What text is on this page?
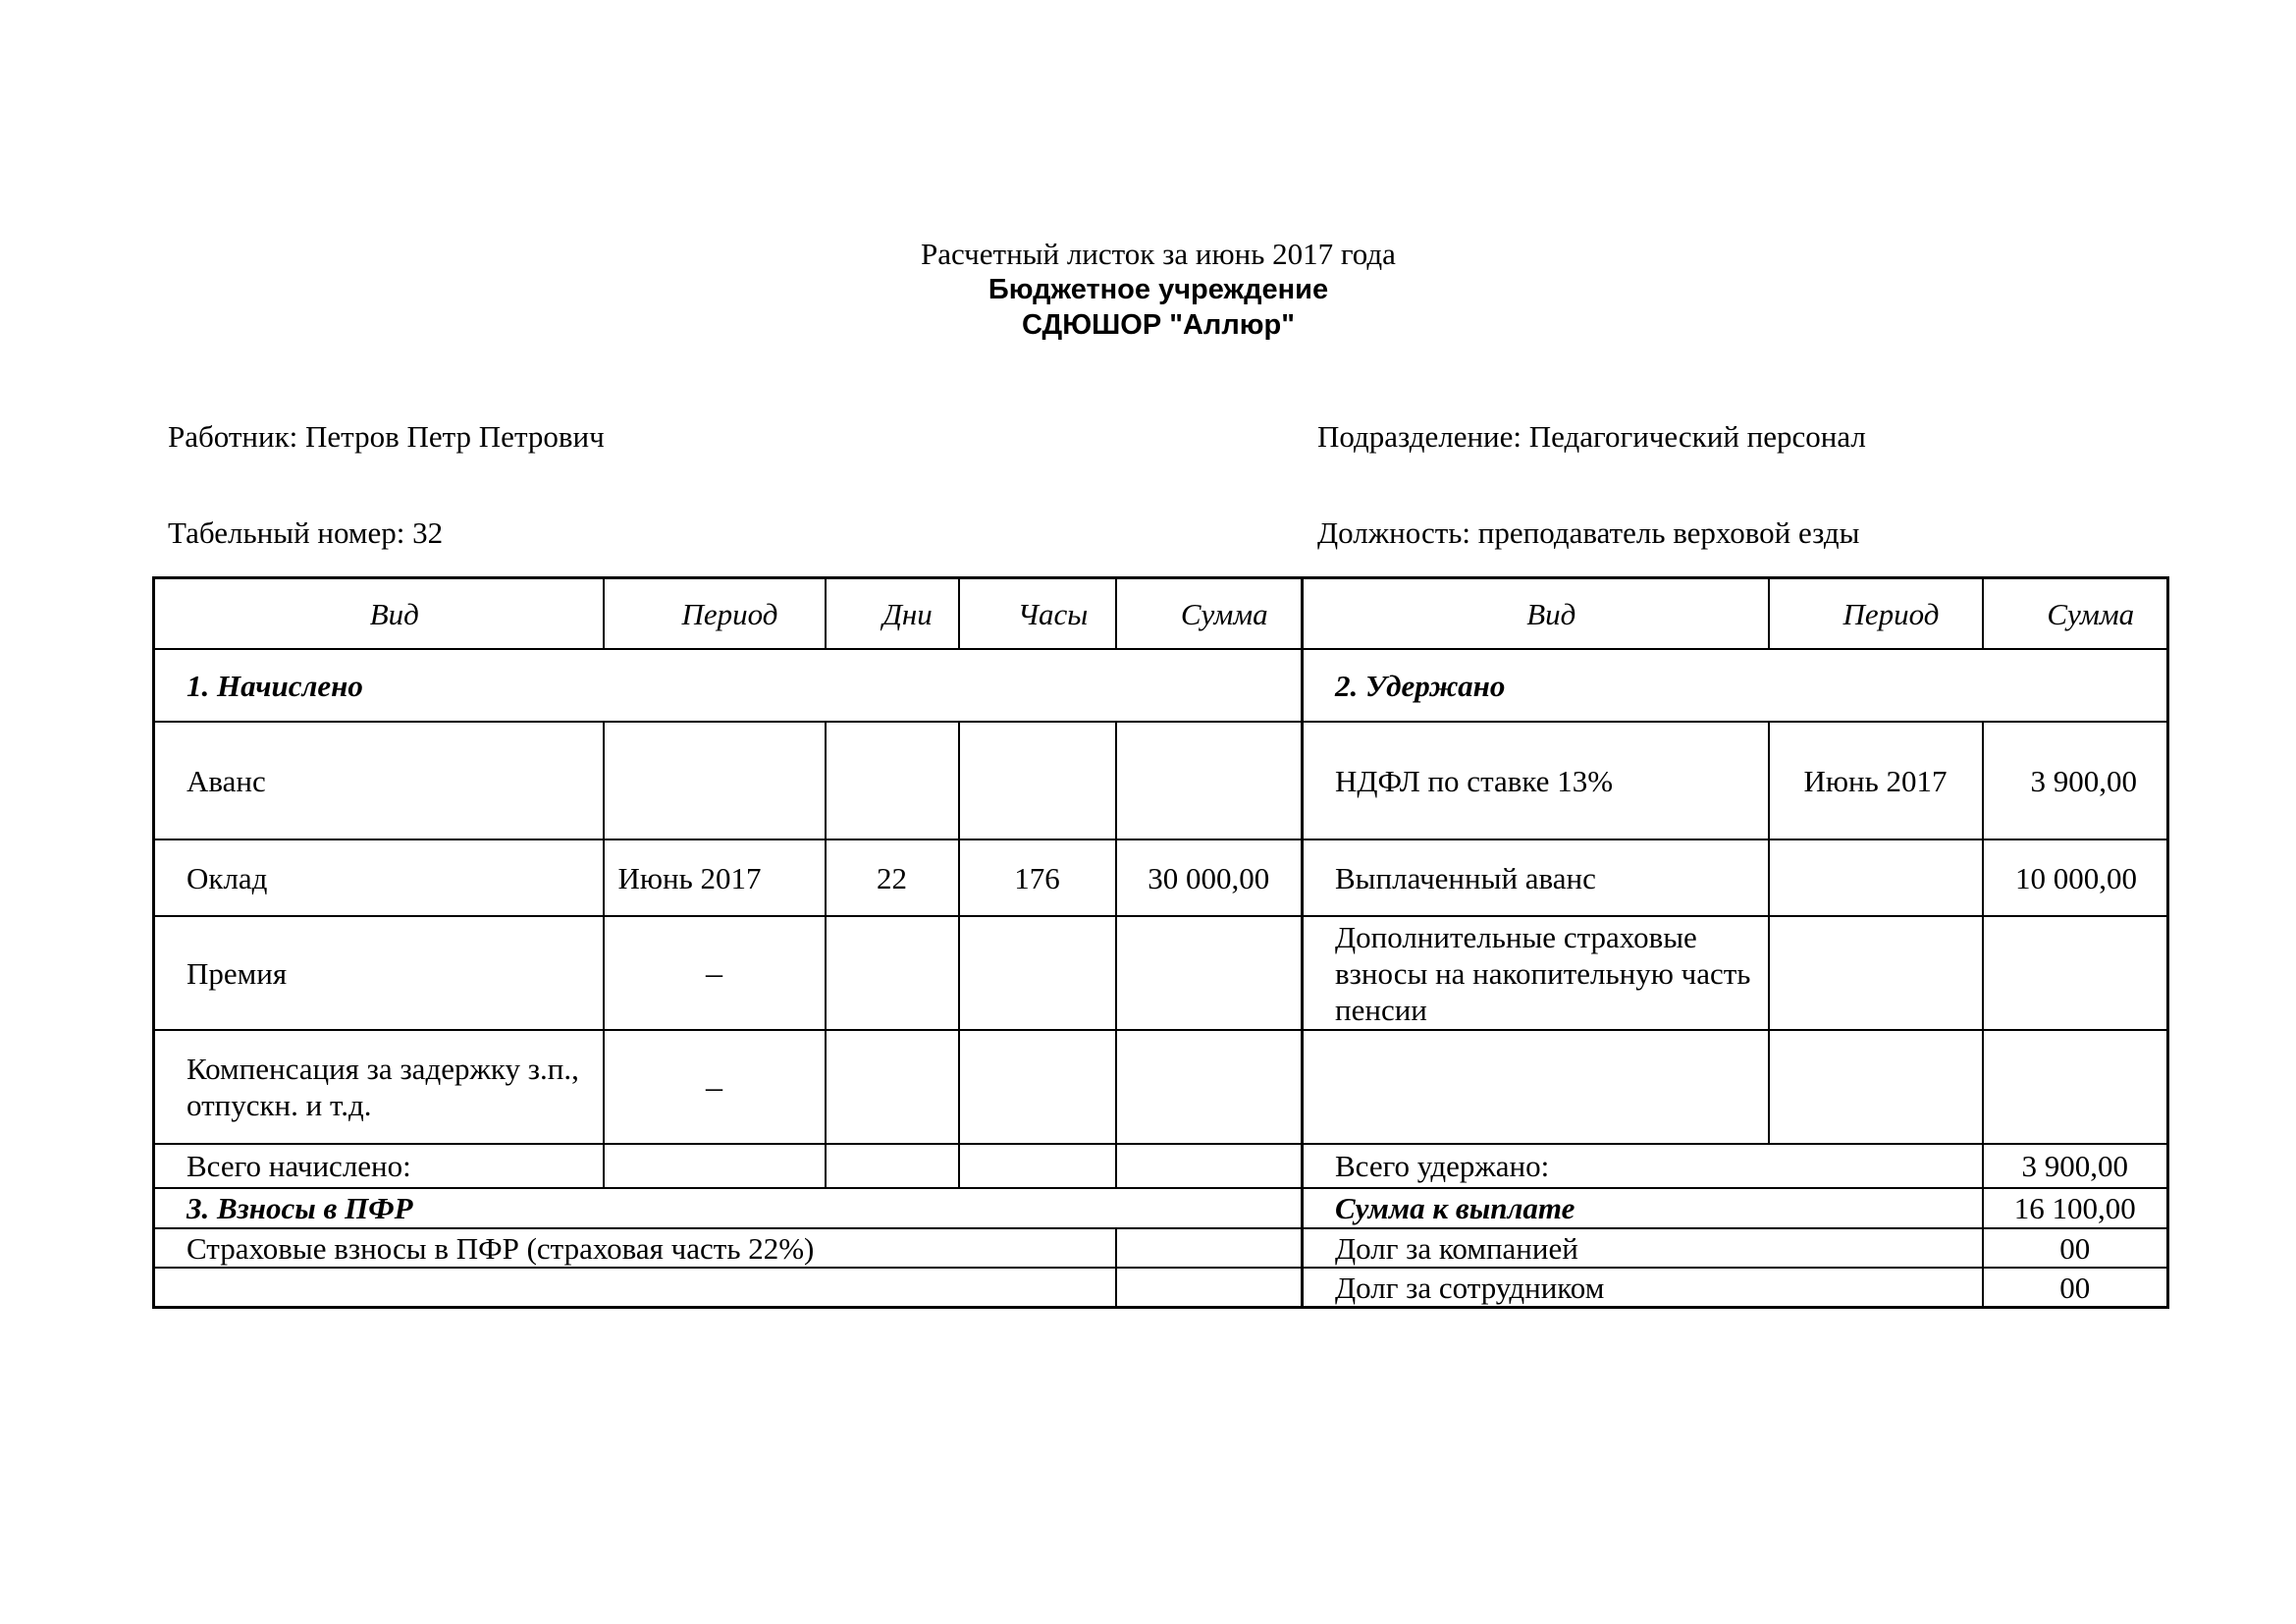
Расчетный листок за июнь 2017 года
Бюджетное учреждение
СДЮШОР "Аллюр"
Работник: Петров Петр Петрович	Подразделение: Педагогический персонал
Табельный номер: 32	Должность: преподаватель верховой езды
Вид	Период	Дни	Часы	Сумма	Вид	Период	Сумма
1. Начислено					2. Удержано		
Аванс					НДФЛ по ставке 13%	Июнь 2017	3 900,00
Оклад	Июнь 2017	22	176	30 000,00	Выплаченный аванс		10 000,00
Премия	–				Дополнительные страховые взносы на накопительную часть пенсии		
Компенсация за задержку з.п., отпускн. и т.д.	–						
Всего начислено:					Всего удержано:		3 900,00
3. Взносы в ПФР					Сумма к выплате		16 100,00
Страховые взносы в ПФР (страховая часть 22%)					Долг за компанией		00
					Долг за сотрудником		00
